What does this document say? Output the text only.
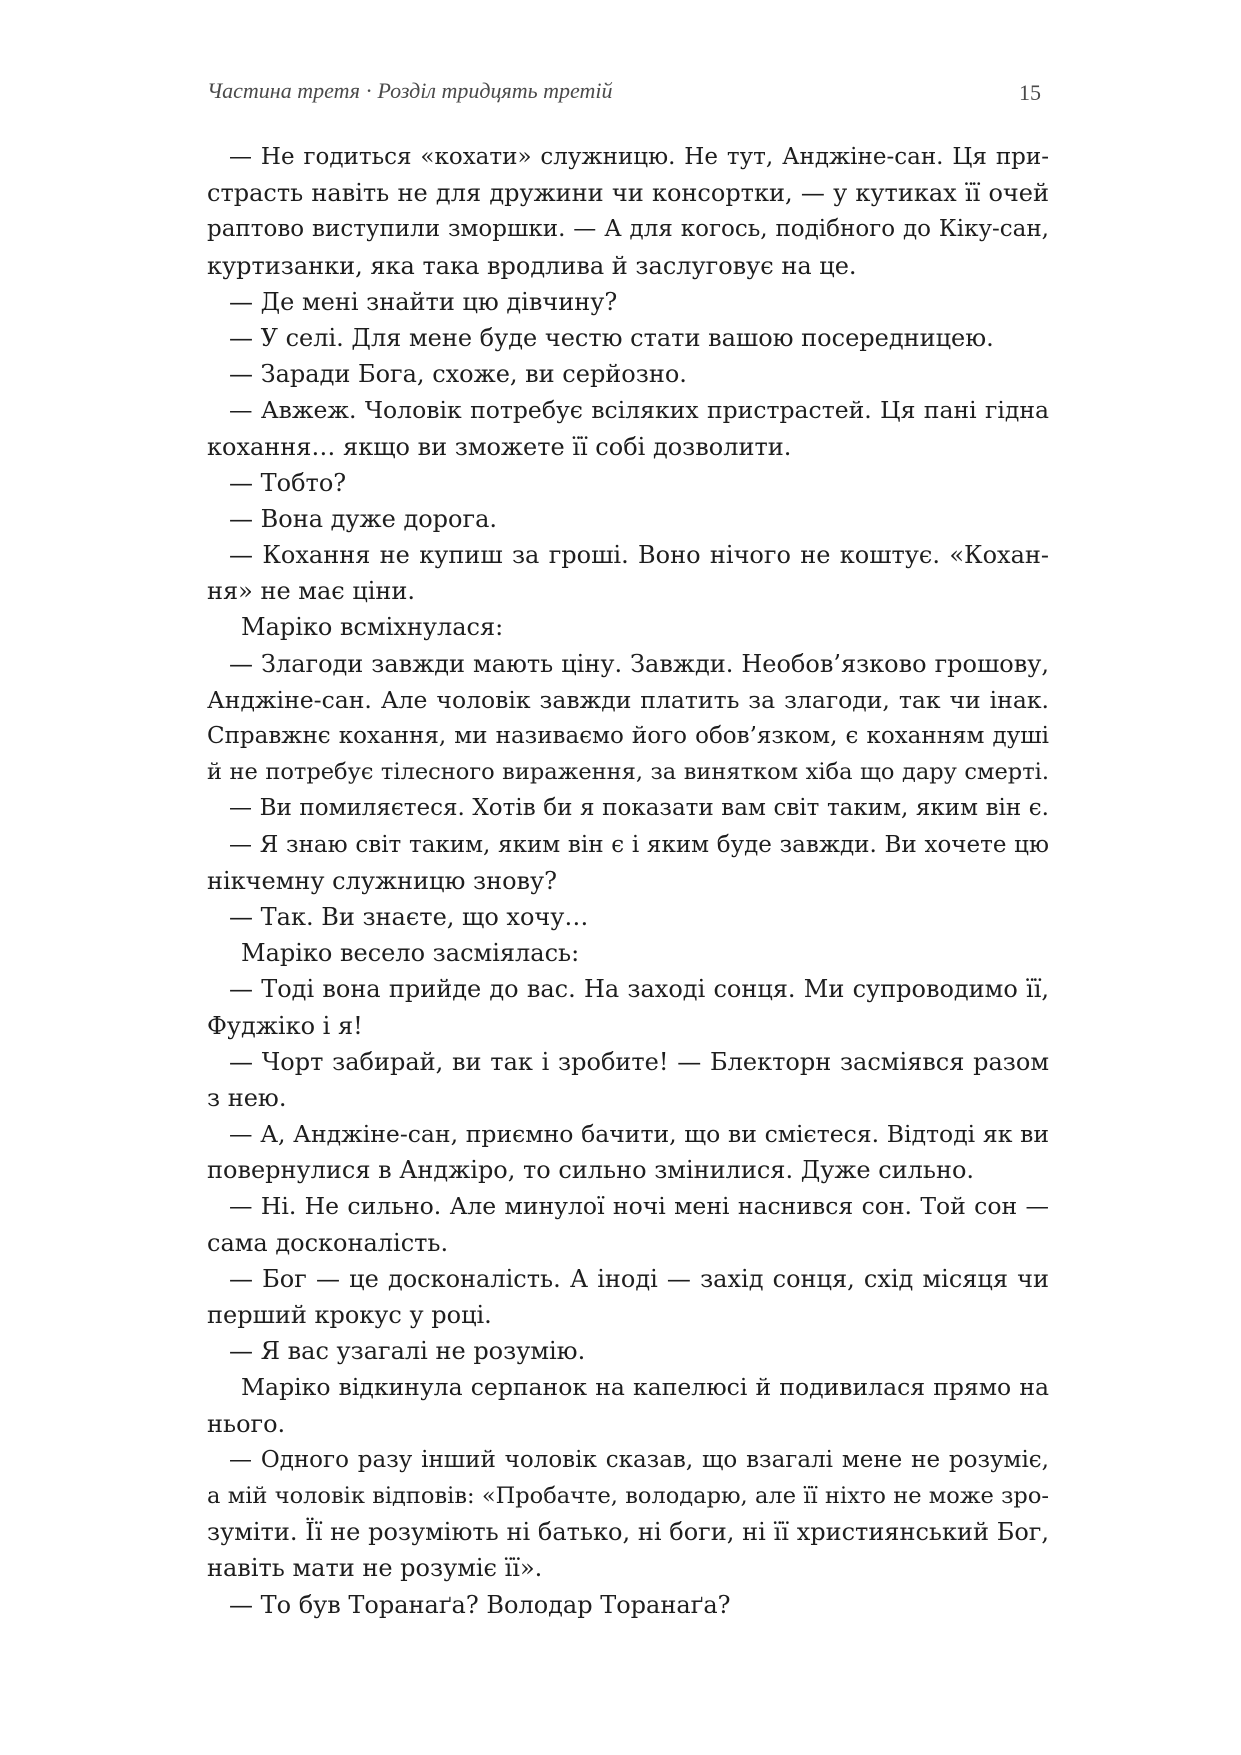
Частина третя · Розділ тридцять третій	15
— Не годиться «кохати» служницю. Не тут, Анджіне-сан. Ця при-
страсть навіть не для дружини чи консортки, — у кутиках її очей
раптово виступили зморшки. — А для когось, подібного до Кіку-сан,
куртизанки, яка така вродлива й заслуговує на це.
— Де мені знайти цю дівчину?
— У селі. Для мене буде честю стати вашою посередницею.
— Заради Бога, схоже, ви серйозно.
— Авжеж. Чоловік потребує всіляких пристрастей. Ця пані гідна
кохання… якщо ви зможете її собі дозволити.
— Тобто?
— Вона дуже дорога.
— Кохання не купиш за гроші. Воно нічого не коштує. «Кохан-
ня» не має ціни.
Маріко всміхнулася:
— Злагоди завжди мають ціну. Завжди. Необов’язково грошову,
Анджіне-сан. Але чоловік завжди платить за злагоди, так чи інак.
Справжнє кохання, ми називаємо його обов’язком, є коханням душі
й не потребує тілесного вираження, за винятком хіба що дару смерті.
— Ви помиляєтеся. Хотів би я показати вам світ таким, яким він є.
— Я знаю світ таким, яким він є і яким буде завжди. Ви хочете цю
нікчемну служницю знову?
— Так. Ви знаєте, що хочу…
Маріко весело засміялась:
— Тоді вона прийде до вас. На заході сонця. Ми супроводимо її,
Фуджіко і я!
— Чорт забирай, ви так і зробите! — Блекторн засміявся разом
з нею.
— А, Анджіне-сан, приємно бачити, що ви смієтеся. Відтоді як ви
повернулися в Анджіро, то сильно змінилися. Дуже сильно.
— Ні. Не сильно. Але минулої ночі мені наснився сон. Той сон —
сама досконалість.
— Бог — це досконалість. А іноді — захід сонця, схід місяця чи
перший крокус у році.
— Я вас узагалі не розумію.
Маріко відкинула серпанок на капелюсі й подивилася прямо на
нього.
— Одного разу інший чоловік сказав, що взагалі мене не розуміє,
а мій чоловік відповів: «Пробачте, володарю, але її ніхто не може зро-
зуміти. Її не розуміють ні батько, ні боги, ні її християнський Бог,
навіть мати не розуміє її».
— То був Торанаґа? Володар Торанаґа?
